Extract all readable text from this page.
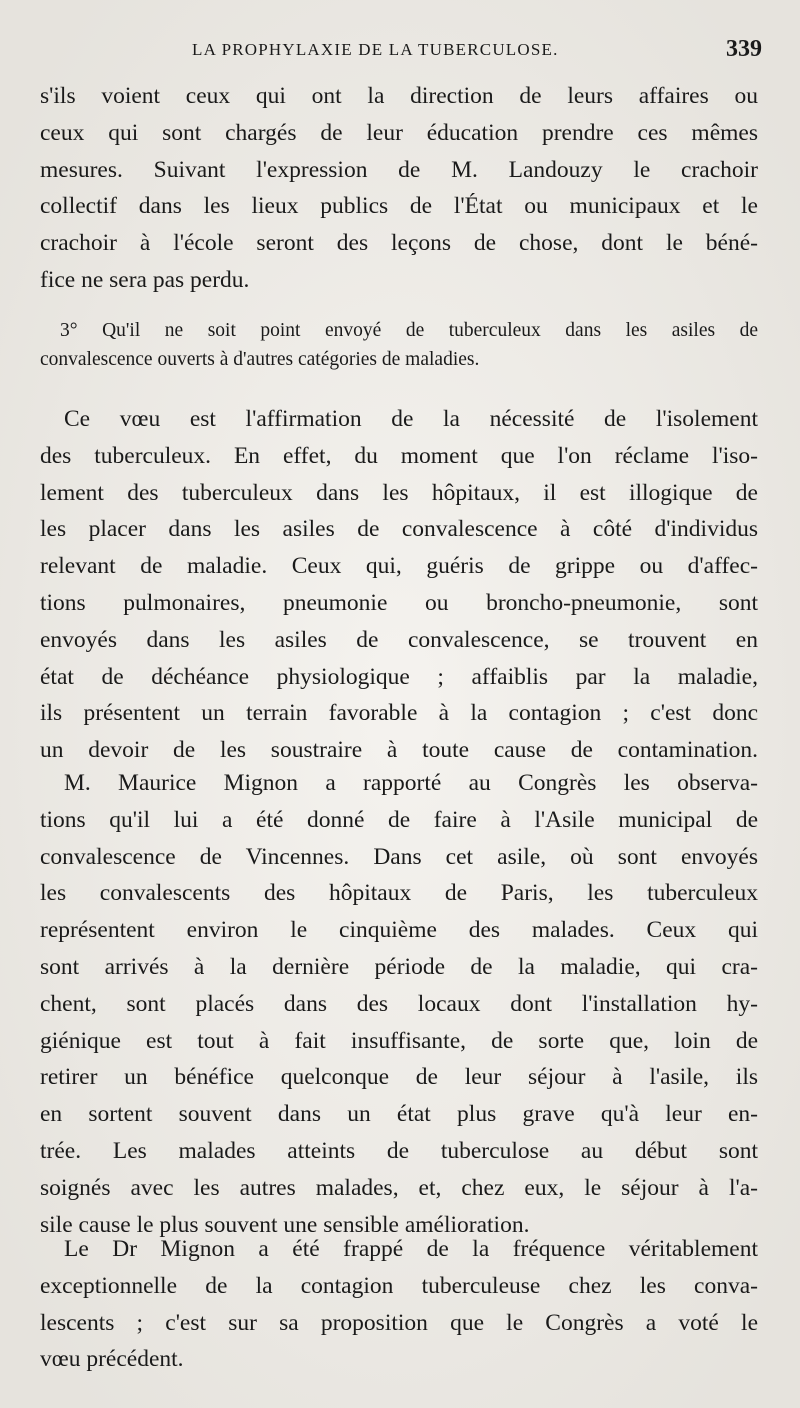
LA PROPHYLAXIE DE LA TUBERCULOSE.	339
s'ils voient ceux qui ont la direction de leurs affaires ou
ceux qui sont chargés de leur éducation prendre ces mêmes
mesures. Suivant l'expression de M. Landouzy le crachoir
collectif dans les lieux publics de l'État ou municipaux et le
crachoir à l'école seront des leçons de chose, dont le béné-
fice ne sera pas perdu.
3° Qu'il ne soit point envoyé de tuberculeux dans les asiles de
convalescence ouverts à d'autres catégories de maladies.
Ce vœu est l'affirmation de la nécessité de l'isolement
des tuberculeux. En effet, du moment que l'on réclame l'iso-
lement des tuberculeux dans les hôpitaux, il est illogique de
les placer dans les asiles de convalescence à côté d'individus
relevant de maladie. Ceux qui, guéris de grippe ou d'affec-
tions pulmonaires, pneumonie ou broncho-pneumonie, sont
envoyés dans les asiles de convalescence, se trouvent en
état de déchéance physiologique ; affaiblis par la maladie,
ils présentent un terrain favorable à la contagion ; c'est donc
un devoir de les soustraire à toute cause de contamination.
M. Maurice Mignon a rapporté au Congrès les observa-
tions qu'il lui a été donné de faire à l'Asile municipal de
convalescence de Vincennes. Dans cet asile, où sont envoyés
les convalescents des hôpitaux de Paris, les tuberculeux
représentent environ le cinquième des malades. Ceux qui
sont arrivés à la dernière période de la maladie, qui cra-
chent, sont placés dans des locaux dont l'installation hy-
giénique est tout à fait insuffisante, de sorte que, loin de
retirer un bénéfice quelconque de leur séjour à l'asile, ils
en sortent souvent dans un état plus grave qu'à leur en-
trée. Les malades atteints de tuberculose au début sont
soignés avec les autres malades, et, chez eux, le séjour à l'a-
sile cause le plus souvent une sensible amélioration.
Le Dr Mignon a été frappé de la fréquence véritablement
exceptionnelle de la contagion tuberculeuse chez les conva-
lescents ; c'est sur sa proposition que le Congrès a voté le
vœu précédent.
